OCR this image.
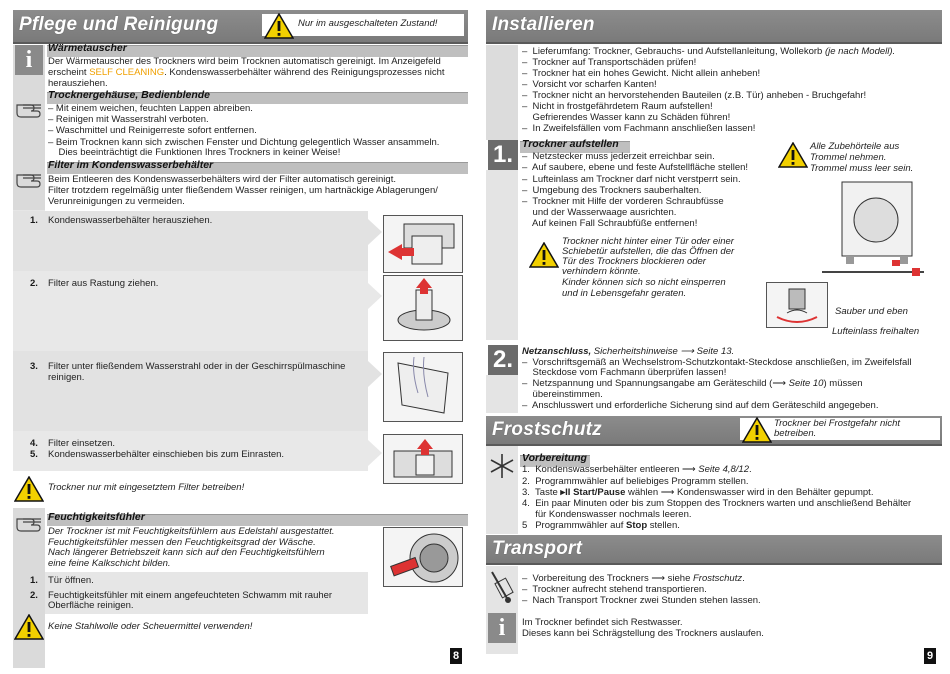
Pflege und Reinigung	Nur im ausgeschalteten Zustand!
i	Wärmetauscher
Der Wärmetauscher des Trockners wird beim Trocknen automatisch gereinigt. Im Anzeigefeld
erscheint SELF CLEANING. Kondenswasserbehälter während des Reinigungsprozesses nicht
herausziehen.
Trocknergehäuse, Bedienblende
– Mit einem weichen, feuchten Lappen abreiben.
– Reinigen mit Wasserstrahl verboten.
– Waschmittel und Reinigerreste sofort entfernen.
– Beim Trocknen kann sich zwischen Fenster und Dichtung gelegentlich Wasser ansammeln.
Dies beeinträchtigt die Funktionen Ihres Trockners in keiner Weise!
Filter im Kondenswasserbehälter
Beim Entleeren des Kondenswasserbehälters wird der Filter automatisch gereinigt.
Filter trotzdem regelmäßig unter fließendem Wasser reinigen, um hartnäckige Ablagerungen/
Verunreinigungen zu vermeiden.
1. Kondenswasserbehälter herausziehen.
2. Filter aus Rastung ziehen.
3. Filter unter fließendem Wasserstrahl oder in der Geschirrspülmaschine
reinigen.
4. Filter einsetzen.
5. Kondenswasserbehälter einschieben bis zum Einrasten.
Trockner nur mit eingesetztem Filter betreiben!
Feuchtigkeitsfühler
Der Trockner ist mit Feuchtigkeitsfühlern aus Edelstahl ausgestattet.
Feuchtigkeitsfühler messen den Feuchtigkeitsgrad der Wäsche.
Nach längerer Betriebszeit kann sich auf den Feuchtigkeitsfühlern
eine feine Kalkschicht bilden.
1. Tür öffnen.
2. Feuchtigkeitsfühler mit einem angefeuchteten Schwamm mit rauher
Oberfläche reinigen.
Keine Stahlwolle oder Scheuermittel verwenden!
8
Installieren
1.
2.
–  Lieferumfang: Trockner, Gebrauchs- und Aufstellanleitung, Wollekorb (je nach Modell).
–  Trockner auf Transportschäden prüfen!
–  Trockner hat ein hohes Gewicht. Nicht allein anheben!
–  Vorsicht vor scharfen Kanten!
–  Trockner nicht an hervorstehenden Bauteilen (z.B. Tür) anheben - Bruchgefahr!
–  Nicht in frostgefährdetem Raum aufstellen!
Gefrierendes Wasser kann zu Schäden führen!
–  In Zweifelsfällen vom Fachmann anschließen lassen!
Trockner aufstellen
–  Netzstecker muss jederzeit erreichbar sein.
–  Auf saubere, ebene und feste Aufstellfläche stellen!
–  Lufteinlass am Trockner darf nicht verstperrt sein.
–  Umgebung des Trockners sauberhalten.
–  Trockner mit Hilfe der vorderen Schraubfüsse
und der Wasserwaage ausrichten.
Auf keinen Fall Schraubfüße entfernen!
Alle Zubehörteile aus
Trommel nehmen.
Trommel muss leer sein.
Trockner nicht hinter einer Tür oder einer
Schiebetür aufstellen, die das Öffnen der
Tür des Trockners blockieren oder
verhindern könnte.
Kinder können sich so nicht einsperren
und in Lebensgefahr geraten.
Sauber und eben
Lufteinlass freihalten
Netzanschluss, Sicherheitshinweise ⟶ Seite 13.
–  Vorschriftsgemäß an Wechselstrom-Schutzkontakt-Steckdose anschließen, im Zweifelsfall
Steckdose vom Fachmann überprüfen lassen!
–  Netzspannung und Spannungsangabe am Geräteschild (⟶ Seite 10) müssen
übereinstimmen.
–  Anschlusswert und erforderliche Sicherung sind auf dem Geräteschild angegeben.
Frostschutz	Trockner bei Frostgefahr nicht
betreiben.
Vorbereitung
1.  Kondenswasserbehälter entleeren ⟶ Seite 4,8/12.
2.  Programmwähler auf beliebiges Programm stellen.
3.  Taste ▸II Start/Pause wählen ⟶ Kondenswasser wird in den Behälter gepumpt.
4.  Ein paar Minuten oder bis zum Stoppen des Trockners warten und anschließend Behälter
für Kondenswasser nochmals leeren.
5   Programmwähler auf Stop stellen.
Transport
–  Vorbereitung des Trockners ⟶ siehe Frostschutz.
–  Trockner aufrecht stehend transportieren.
–  Nach Transport Trockner zwei Stunden stehen lassen.
i	Im Trockner befindet sich Restwasser.
Dieses kann bei Schrägstellung des Trockners auslaufen.
9
